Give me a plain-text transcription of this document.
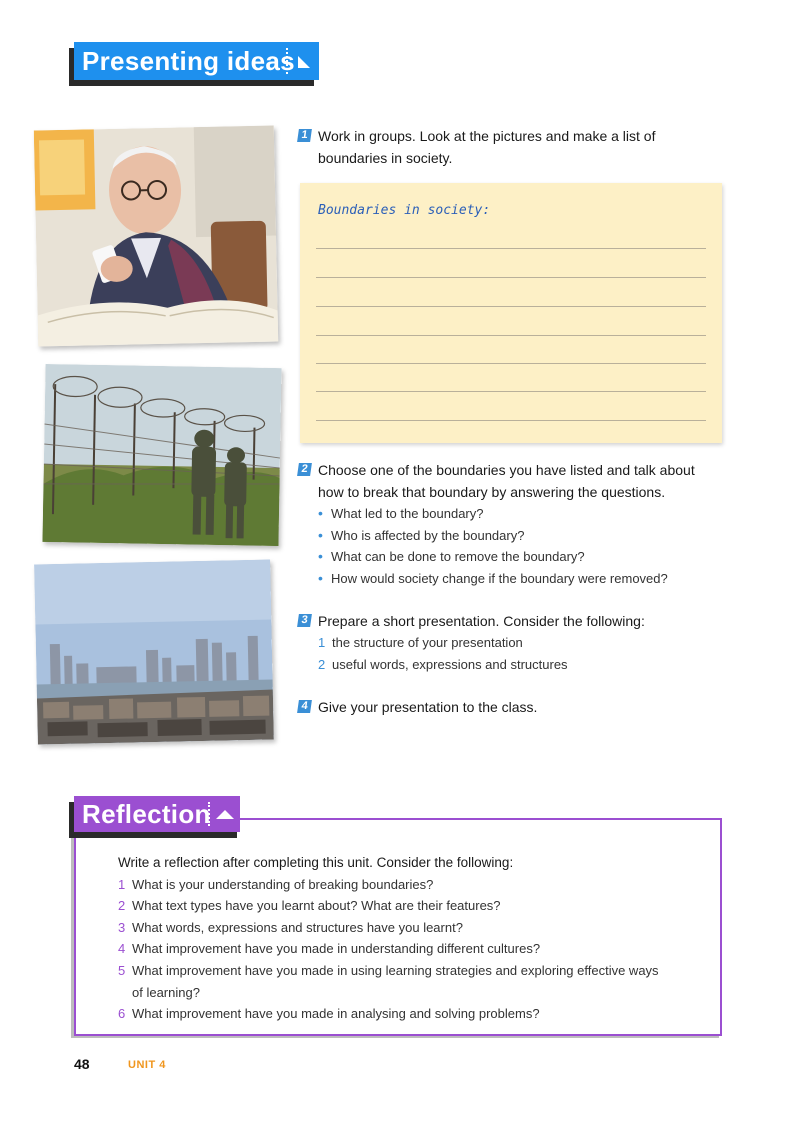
Presenting ideas
1 Work in groups. Look at the pictures and make a list of
boundaries in society.
Boundaries in society:
2 Choose one of the boundaries you have listed and talk about
how to break that boundary by answering the questions.
• What led to the boundary?
• Who is affected by the boundary?
• What can be done to remove the boundary?
• How would society change if the boundary were removed?
3 Prepare a short presentation. Consider the following:
1 the structure of your presentation
2 useful words, expressions and structures
4 Give your presentation to the class.
Reflection
Write a reflection after completing this unit. Consider the following:
1 What is your understanding of breaking boundaries?
2 What text types have you learnt about? What are their features?
3 What words, expressions and structures have you learnt?
4 What improvement have you made in understanding different cultures?
5 What improvement have you made in using learning strategies and exploring effective ways
of learning?
6 What improvement have you made in analysing and solving problems?
48	UNIT 4
